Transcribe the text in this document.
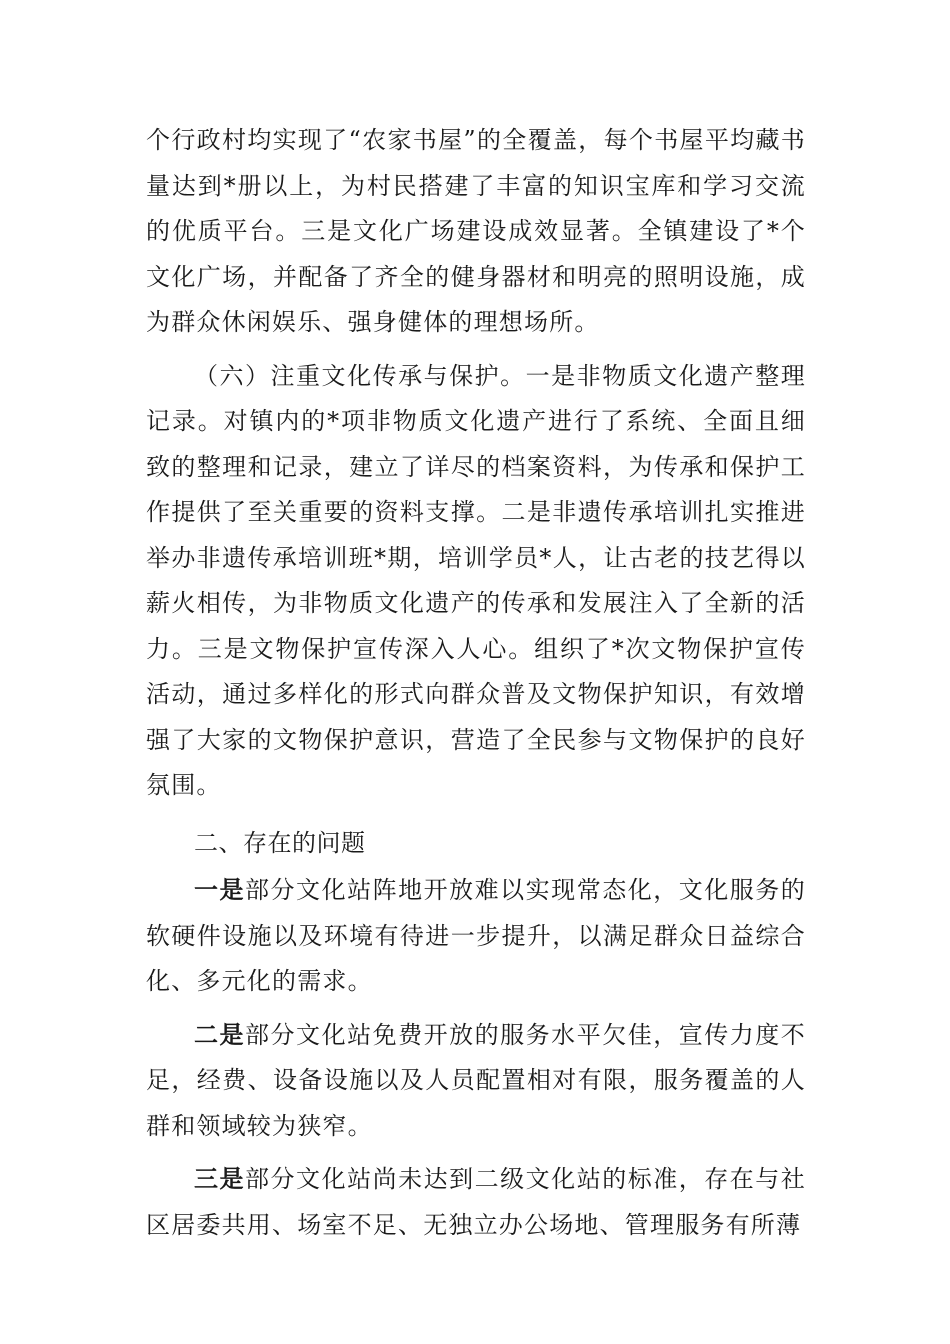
个行政村均实现了“农家书屋”的全覆盖，每个书屋平均藏书量达到*册以上，为村民搭建了丰富的知识宝库和学习交流的优质平台。三是文化广场建设成效显著。全镇建设了*个文化广场，并配备了齐全的健身器材和明亮的照明设施，成为群众休闲娱乐、强身健体的理想场所。

（六）注重文化传承与保护。一是非物质文化遗产整理记录。对镇内的*项非物质文化遗产进行了系统、全面且细致的整理和记录，建立了详尽的档案资料，为传承和保护工作提供了至关重要的资料支撑。二是非遗传承培训扎实推进举办非遗传承培训班*期，培训学员*人，让古老的技艺得以薪火相传，为非物质文化遗产的传承和发展注入了全新的活力。三是文物保护宣传深入人心。组织了*次文物保护宣传活动，通过多样化的形式向群众普及文物保护知识，有效增强了大家的文物保护意识，营造了全民参与文物保护的良好氛围。

二、存在的问题

一是部分文化站阵地开放难以实现常态化，文化服务的软硬件设施以及环境有待进一步提升，以满足群众日益综合化、多元化的需求。

二是部分文化站免费开放的服务水平欠佳，宣传力度不足，经费、设备设施以及人员配置相对有限，服务覆盖的人群和领域较为狭窄。

三是部分文化站尚未达到二级文化站的标准，存在与社区居委共用、场室不足、无独立办公场地、管理服务有所薄
